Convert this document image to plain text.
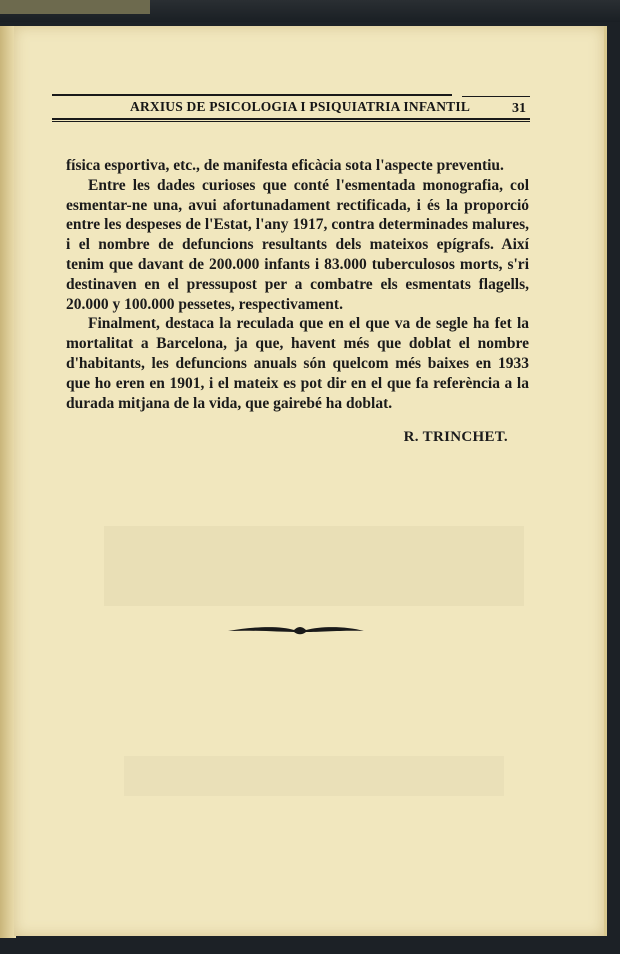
ARXIUS DE PSICOLOGIA I PSIQUIATRIA INFANTIL	31

física esportiva, etc., de manifesta eficàcia sota l'aspecte preventiu.

Entre les dades curioses que conté l'esmentada monografia, col esmentar-ne una, avui afortunadament rectificada, i és la proporció entre les despeses de l'Estat, l'any 1917, contra determinades malures, i el nombre de defuncions resultants dels mateixos epígrafs. Així tenim que davant de 200.000 infants i 83.000 tuberculosos morts, s'ri destinaven en el pressupost per a combatre els esmentats flagells, 20.000 y 100.000 pessetes, respectivament.

Finalment, destaca la reculada que en el que va de segle ha fet la mortalitat a Barcelona, ja que, havent més que doblat el nombre d'habitants, les defuncions anuals són quelcom més baixes en 1933 que ho eren en 1901, i el mateix es pot dir en el que fa referència a la durada mitjana de la vida, que gairebé ha doblat.

R. TRINCHET.
